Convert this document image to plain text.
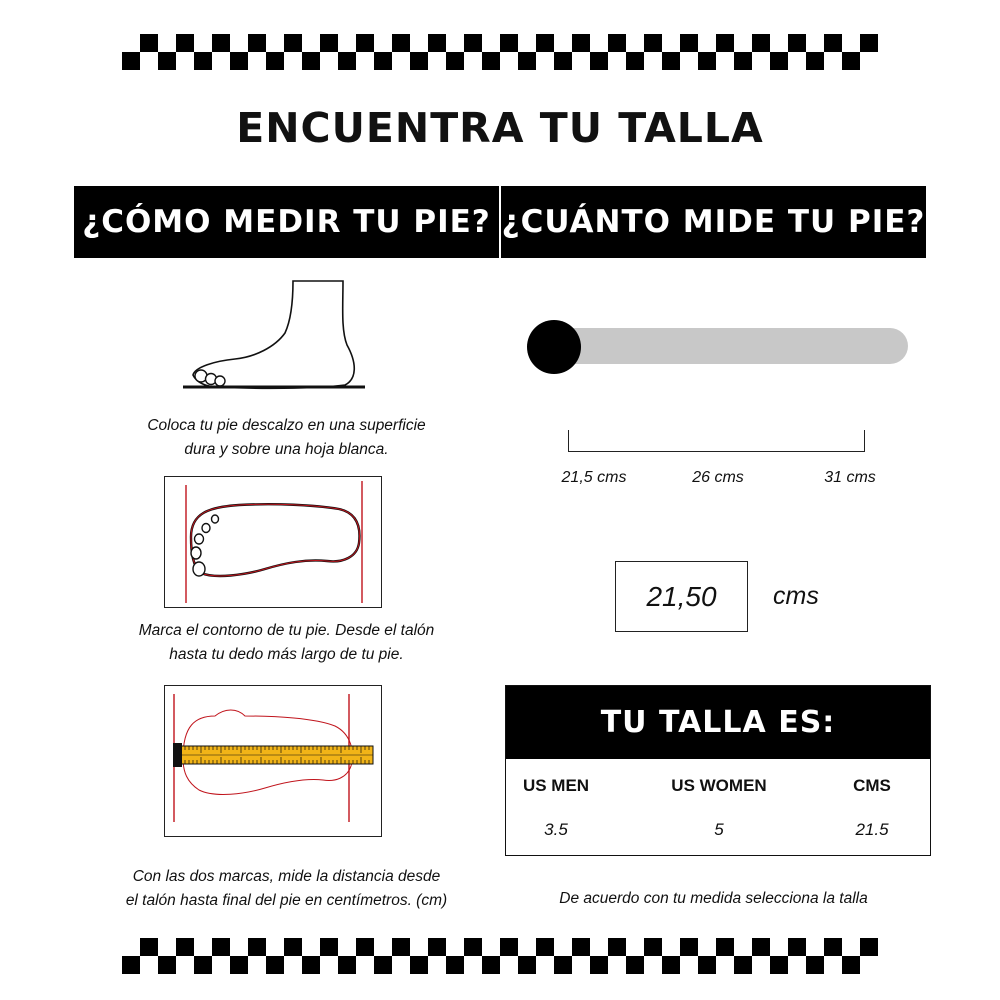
ENCUENTRA TU TALLA
¿CÓMO MEDIR TU PIE? ¿CUÁNTO MIDE TU PIE?
Coloca tu pie descalzo en una superficie
dura y sobre una hoja blanca.
Marca el contorno de tu pie. Desde el talón
hasta tu dedo más largo de tu pie.
Con las dos marcas, mide la distancia desde
el talón hasta final del pie en centímetros. (cm)
21,5 cms	26 cms	31 cms
21,50	cms
TU TALLA ES:
US MEN	US WOMEN	CMS
3.5	5	21.5
De acuerdo con tu medida selecciona la talla
